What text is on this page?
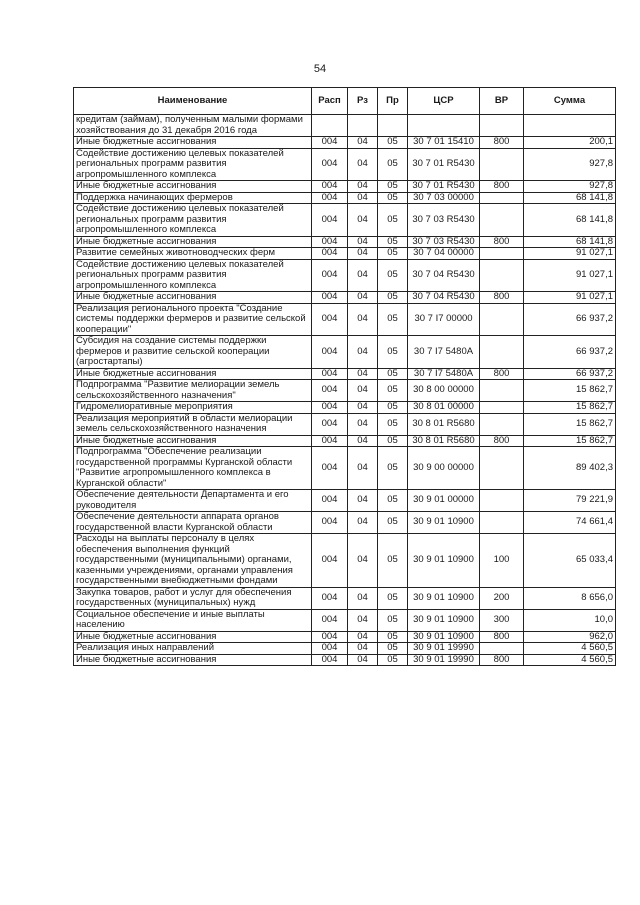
54
Наименование	Расп	Рз	Пр	ЦСР	ВР	Сумма
кредитам (займам), полученным малыми формами хозяйствования до 31 декабря 2016 года						
Иные бюджетные ассигнования	004	04	05	30 7 01 15410	800	200,1
Содействие достижению целевых показателей региональных программ развития агропромышленного комплекса	004	04	05	30 7 01 R5430		927,8
Иные бюджетные ассигнования	004	04	05	30 7 01 R5430	800	927,8
Поддержка начинающих фермеров	004	04	05	30 7 03 00000		68 141,8
Содействие достижению целевых показателей региональных программ развития агропромышленного комплекса	004	04	05	30 7 03 R5430		68 141,8
Иные бюджетные ассигнования	004	04	05	30 7 03 R5430	800	68 141,8
Развитие семейных животноводческих ферм	004	04	05	30 7 04 00000		91 027,1
Содействие достижению целевых показателей региональных программ развития агропромышленного комплекса	004	04	05	30 7 04 R5430		91 027,1
Иные бюджетные ассигнования	004	04	05	30 7 04 R5430	800	91 027,1
Реализация регионального проекта "Создание системы поддержки фермеров и развитие сельской кооперации"	004	04	05	30 7 I7 00000		66 937,2
Субсидия на создание системы поддержки фермеров и развитие сельской кооперации (агростартапы)	004	04	05	30 7 I7 5480A		66 937,2
Иные бюджетные ассигнования	004	04	05	30 7 I7 5480A	800	66 937,2
Подпрограмма "Развитие мелиорации земель сельскохозяйственного назначения"	004	04	05	30 8 00 00000		15 862,7
Гидромелиоративные мероприятия	004	04	05	30 8 01 00000		15 862,7
Реализация мероприятий в области мелиорации земель сельскохозяйственного назначения	004	04	05	30 8 01 R5680		15 862,7
Иные бюджетные ассигнования	004	04	05	30 8 01 R5680	800	15 862,7
Подпрограмма "Обеспечение реализации государственной программы Курганской области "Развитие агропромышленного комплекса в Курганской области"	004	04	05	30 9 00 00000		89 402,3
Обеспечение деятельности Департамента и его руководителя	004	04	05	30 9 01 00000		79 221,9
Обеспечение деятельности аппарата органов государственной власти Курганской области	004	04	05	30 9 01 10900		74 661,4
Расходы на выплаты персоналу в целях обеспечения выполнения функций государственными (муниципальными) органами, казенными учреждениями, органами управления государственными внебюджетными фондами	004	04	05	30 9 01 10900	100	65 033,4
Закупка товаров, работ и услуг для обеспечения государственных (муниципальных) нужд	004	04	05	30 9 01 10900	200	8 656,0
Социальное обеспечение и иные выплаты населению	004	04	05	30 9 01 10900	300	10,0
Иные бюджетные ассигнования	004	04	05	30 9 01 10900	800	962,0
Реализация иных направлений	004	04	05	30 9 01 19990		4 560,5
Иные бюджетные ассигнования	004	04	05	30 9 01 19990	800	4 560,5
